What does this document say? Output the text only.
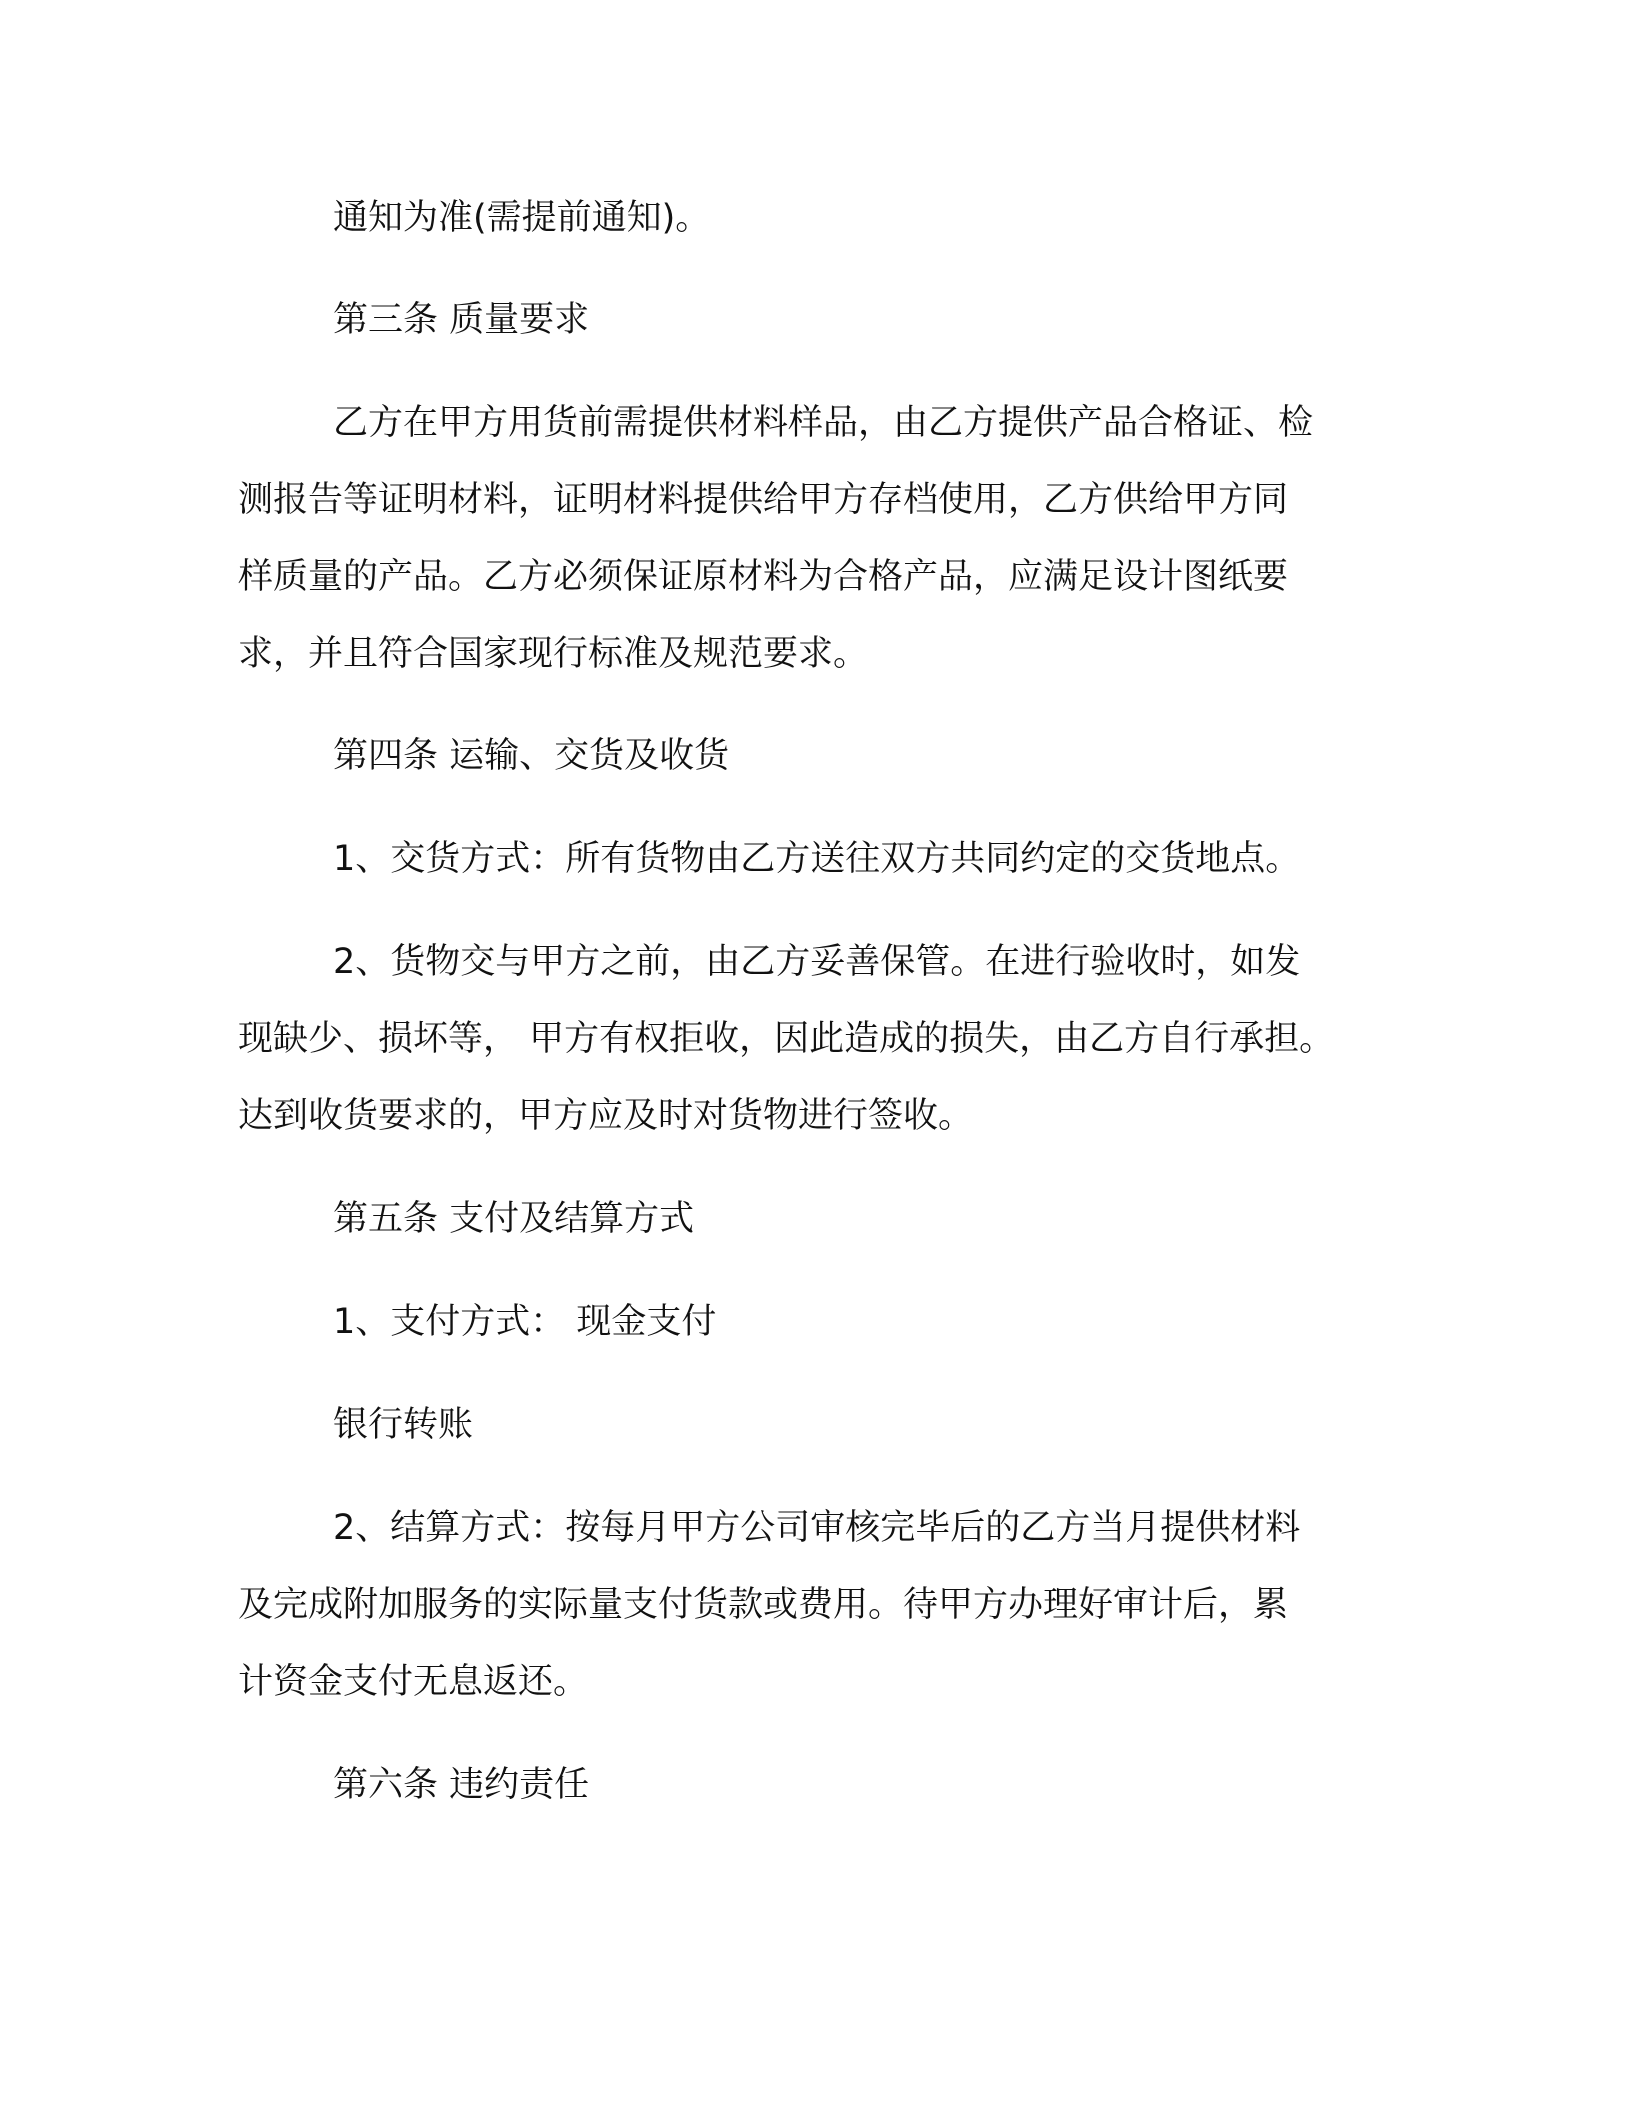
通知为准(需提前通知)。

第三条 质量要求

乙方在甲方用货前需提供材料样品，由乙方提供产品合格证、检

测报告等证明材料，证明材料提供给甲方存档使用，乙方供给甲方同

样质量的产品。乙方必须保证原材料为合格产品，应满足设计图纸要

求，并且符合国家现行标准及规范要求。

第四条 运输、交货及收货

1、交货方式：所有货物由乙方送往双方共同约定的交货地点。

2、货物交与甲方之前，由乙方妥善保管。在进行验收时，如发

现缺少、损坏等， 甲方有权拒收，因此造成的损失，由乙方自行承担。

达到收货要求的，甲方应及时对货物进行签收。

第五条 支付及结算方式

1、支付方式： 现金支付

银行转账

2、结算方式：按每月甲方公司审核完毕后的乙方当月提供材料

及完成附加服务的实际量支付货款或费用。待甲方办理好审计后，累

计资金支付无息返还。

第六条 违约责任
